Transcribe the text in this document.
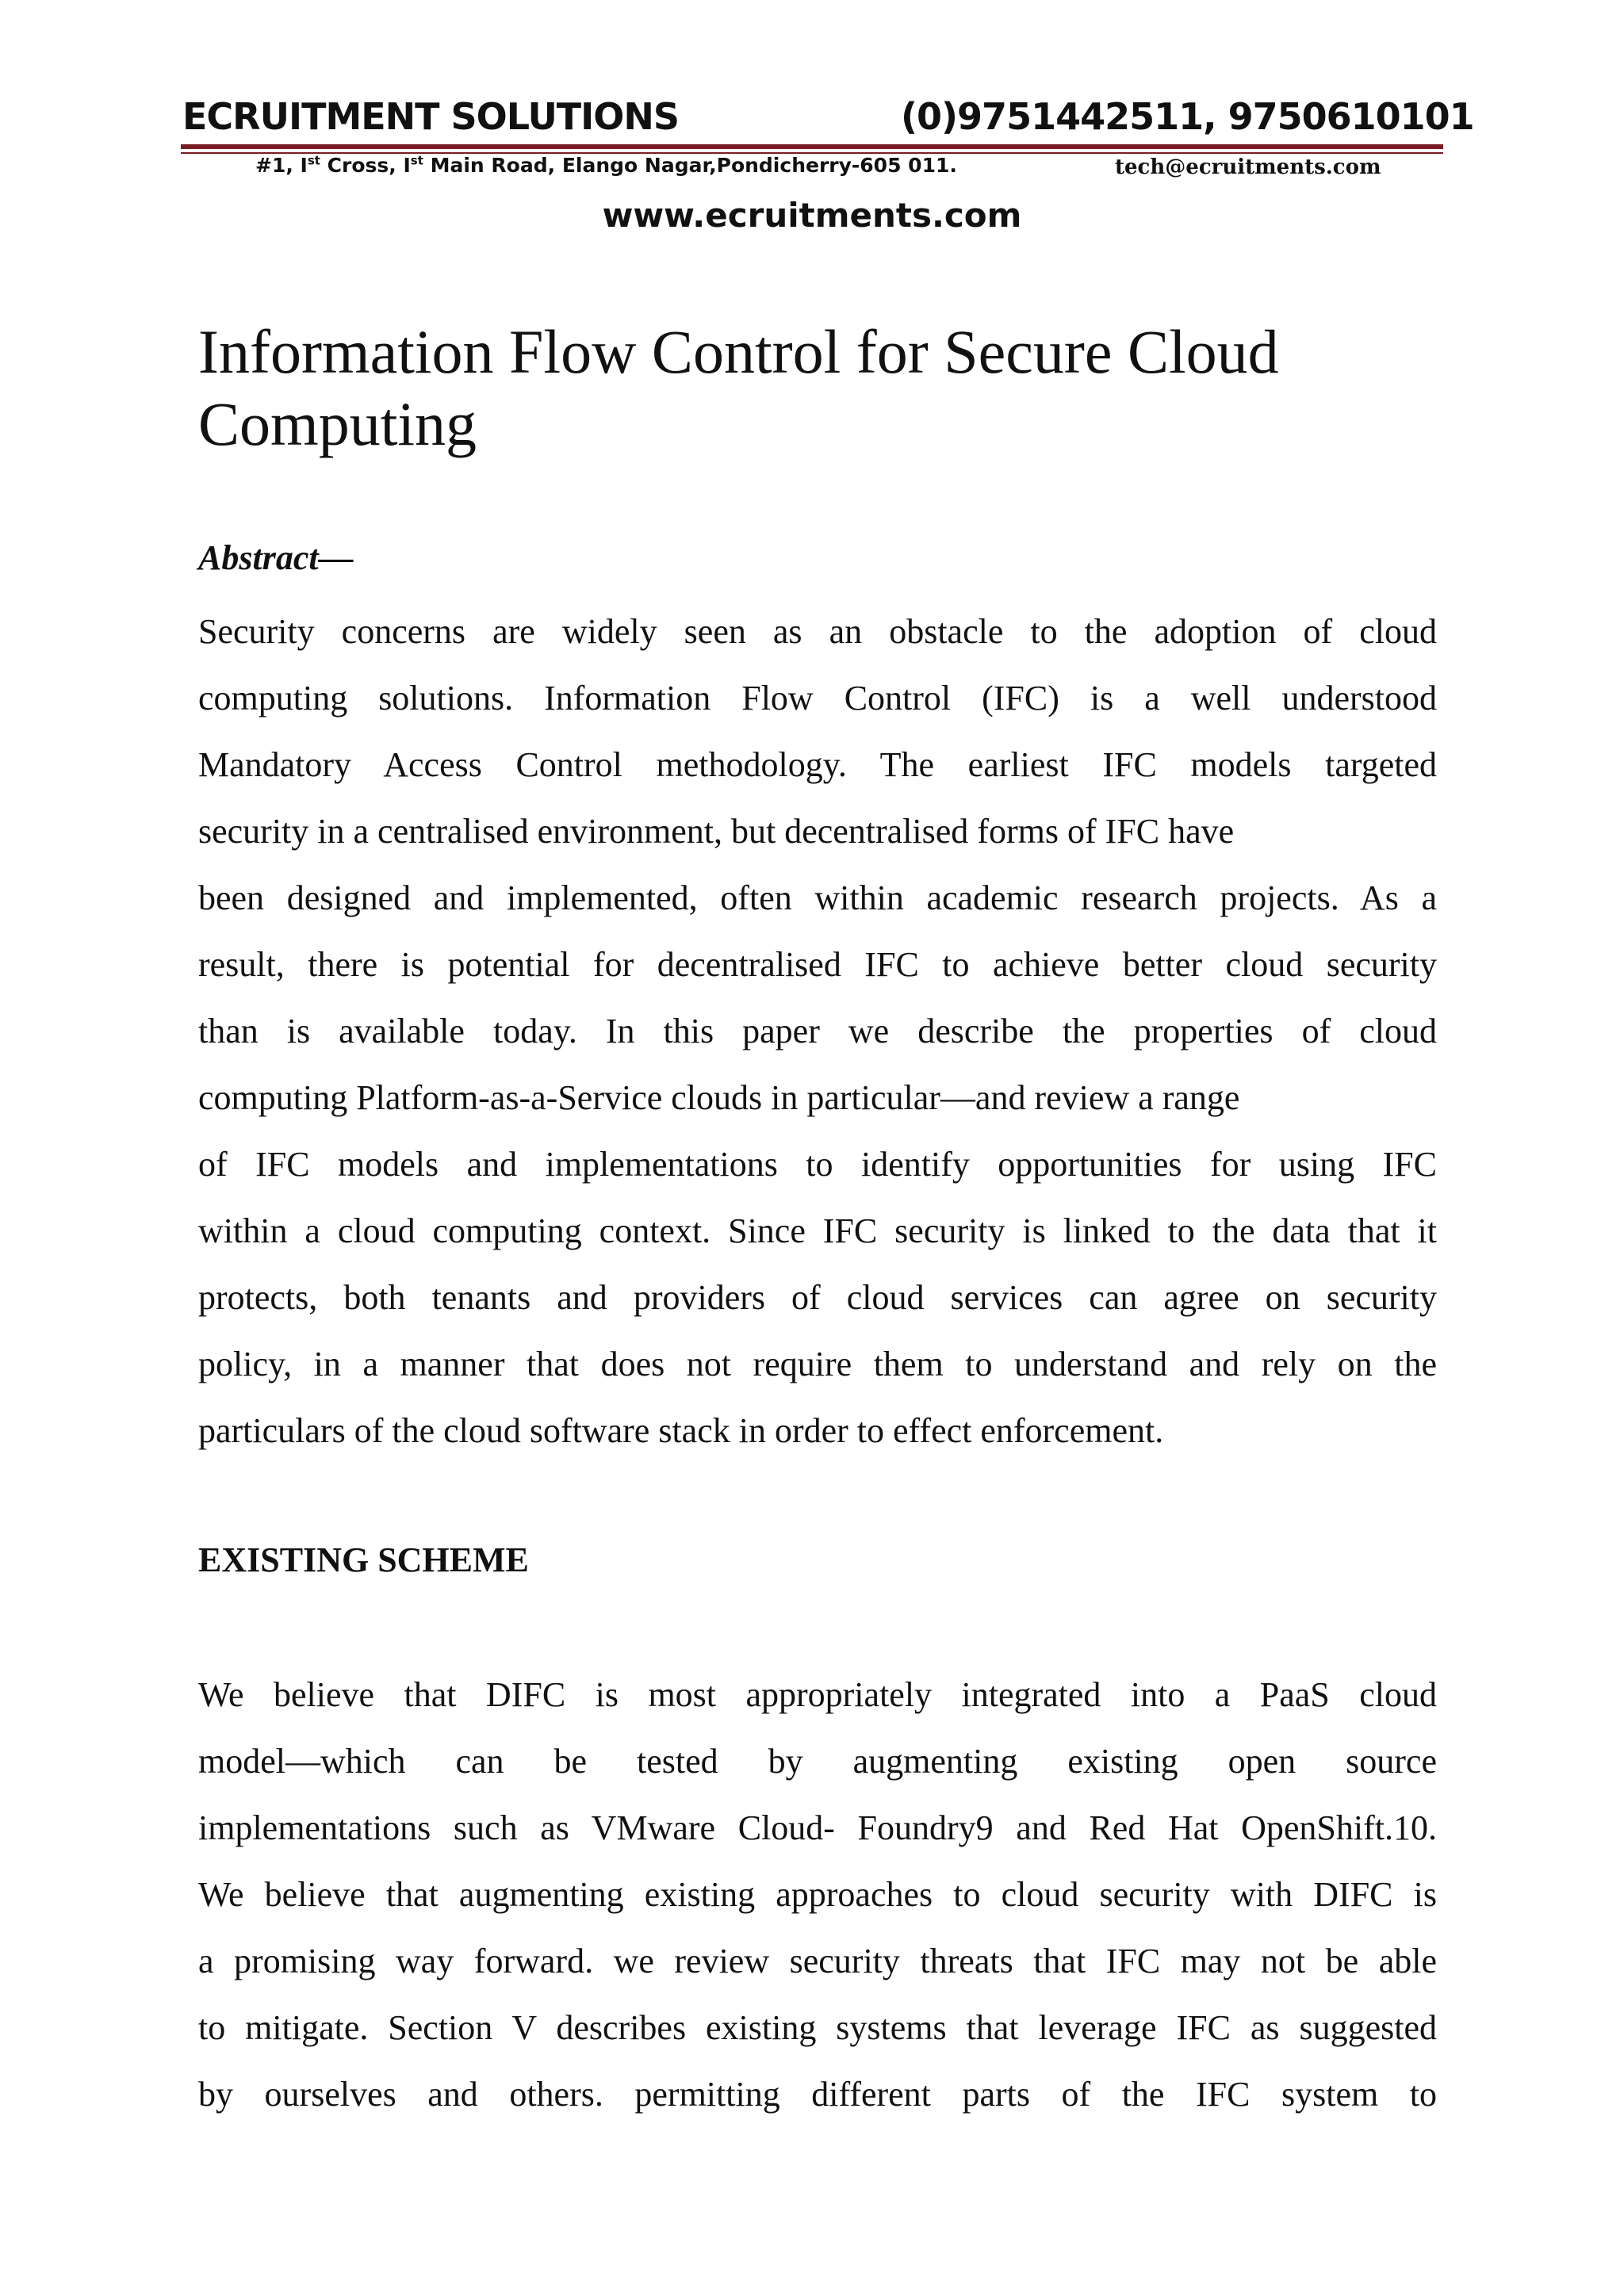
ECRUITMENT SOLUTIONS	(0)9751442511, 9750610101
#1, Ist Cross, Ist Main Road, Elango Nagar,Pondicherry-605 011.	tech@ecruitments.com
www.ecruitments.com
Information Flow Control for Secure Cloud
Computing
Abstract—
Security concerns are widely seen as an obstacle to the adoption of cloud
computing solutions. Information Flow Control (IFC) is a well understood
Mandatory Access Control methodology. The earliest IFC models targeted
security in a centralised environment, but decentralised forms of IFC have
been designed and implemented, often within academic research projects. As a
result, there is potential for decentralised IFC to achieve better cloud security
than is available today. In this paper we describe the properties of cloud
computing Platform-as-a-Service clouds in particular—and review a range
of IFC models and implementations to identify opportunities for using IFC
within a cloud computing context. Since IFC security is linked to the data that it
protects, both tenants and providers of cloud services can agree on security
policy, in a manner that does not require them to understand and rely on the
particulars of the cloud software stack in order to effect enforcement.
EXISTING SCHEME
We believe that DIFC is most appropriately integrated into a PaaS cloud
model—which can be tested by augmenting existing open source
implementations such as VMware Cloud- Foundry9 and Red Hat OpenShift.10.
We believe that augmenting existing approaches to cloud security with DIFC is
a promising way forward. we review security threats that IFC may not be able
to mitigate. Section V describes existing systems that leverage IFC as suggested
by ourselves and others. permitting different parts of the IFC system to
